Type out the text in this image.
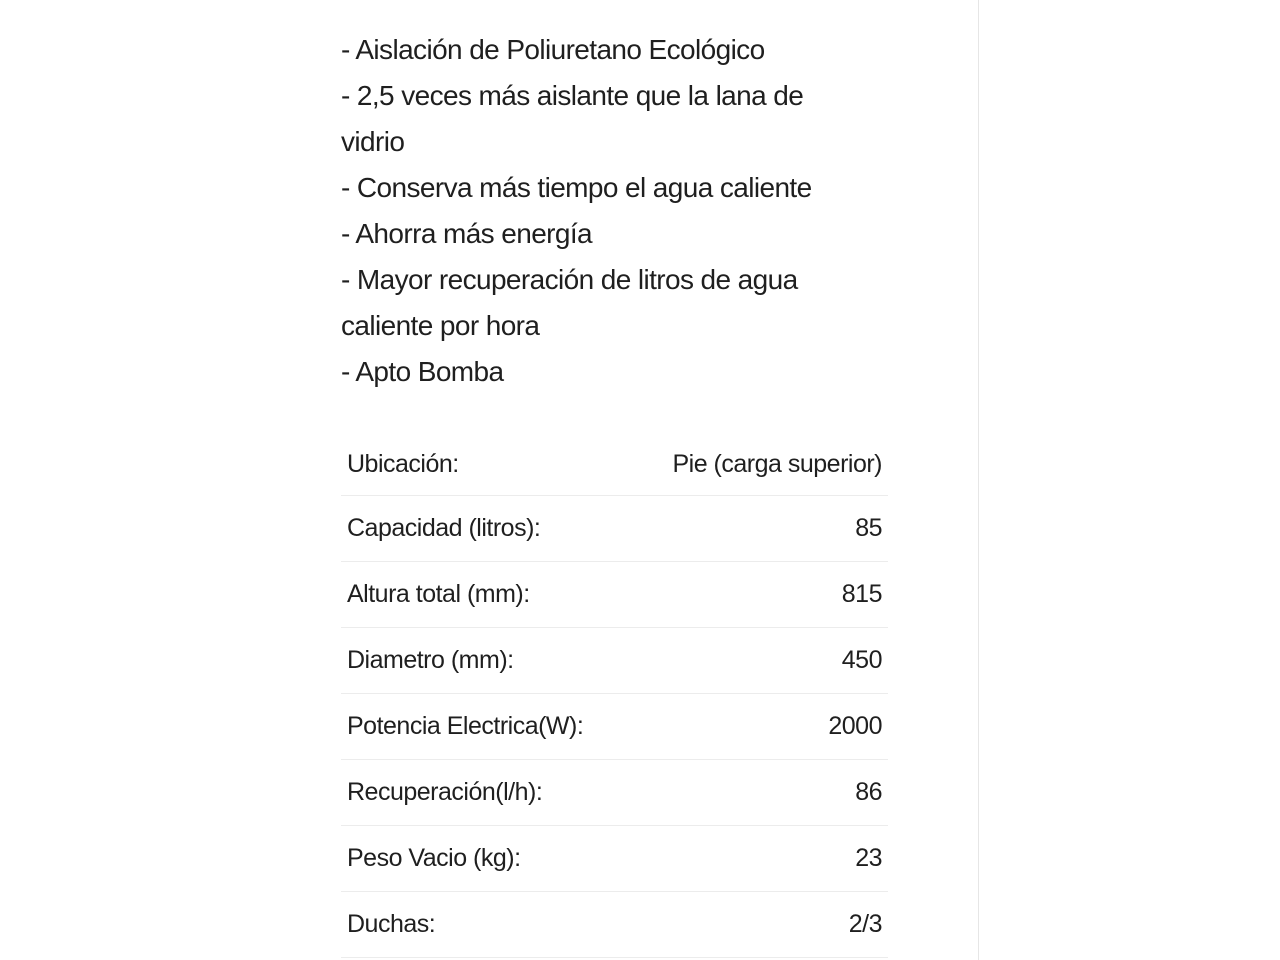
- Aislación de Poliuretano Ecológico
- 2,5 veces más aislante que la lana de vidrio
- Conserva más tiempo el agua caliente
- Ahorra más energía
- Mayor recuperación de litros de agua caliente por hora
- Apto Bomba
Ubicación:	Pie (carga superior)
Capacidad (litros):	85
Altura total (mm):	815
Diametro (mm):	450
Potencia Electrica(W):	2000
Recuperación(l/h):	86
Peso Vacio (kg):	23
Duchas:	2/3
